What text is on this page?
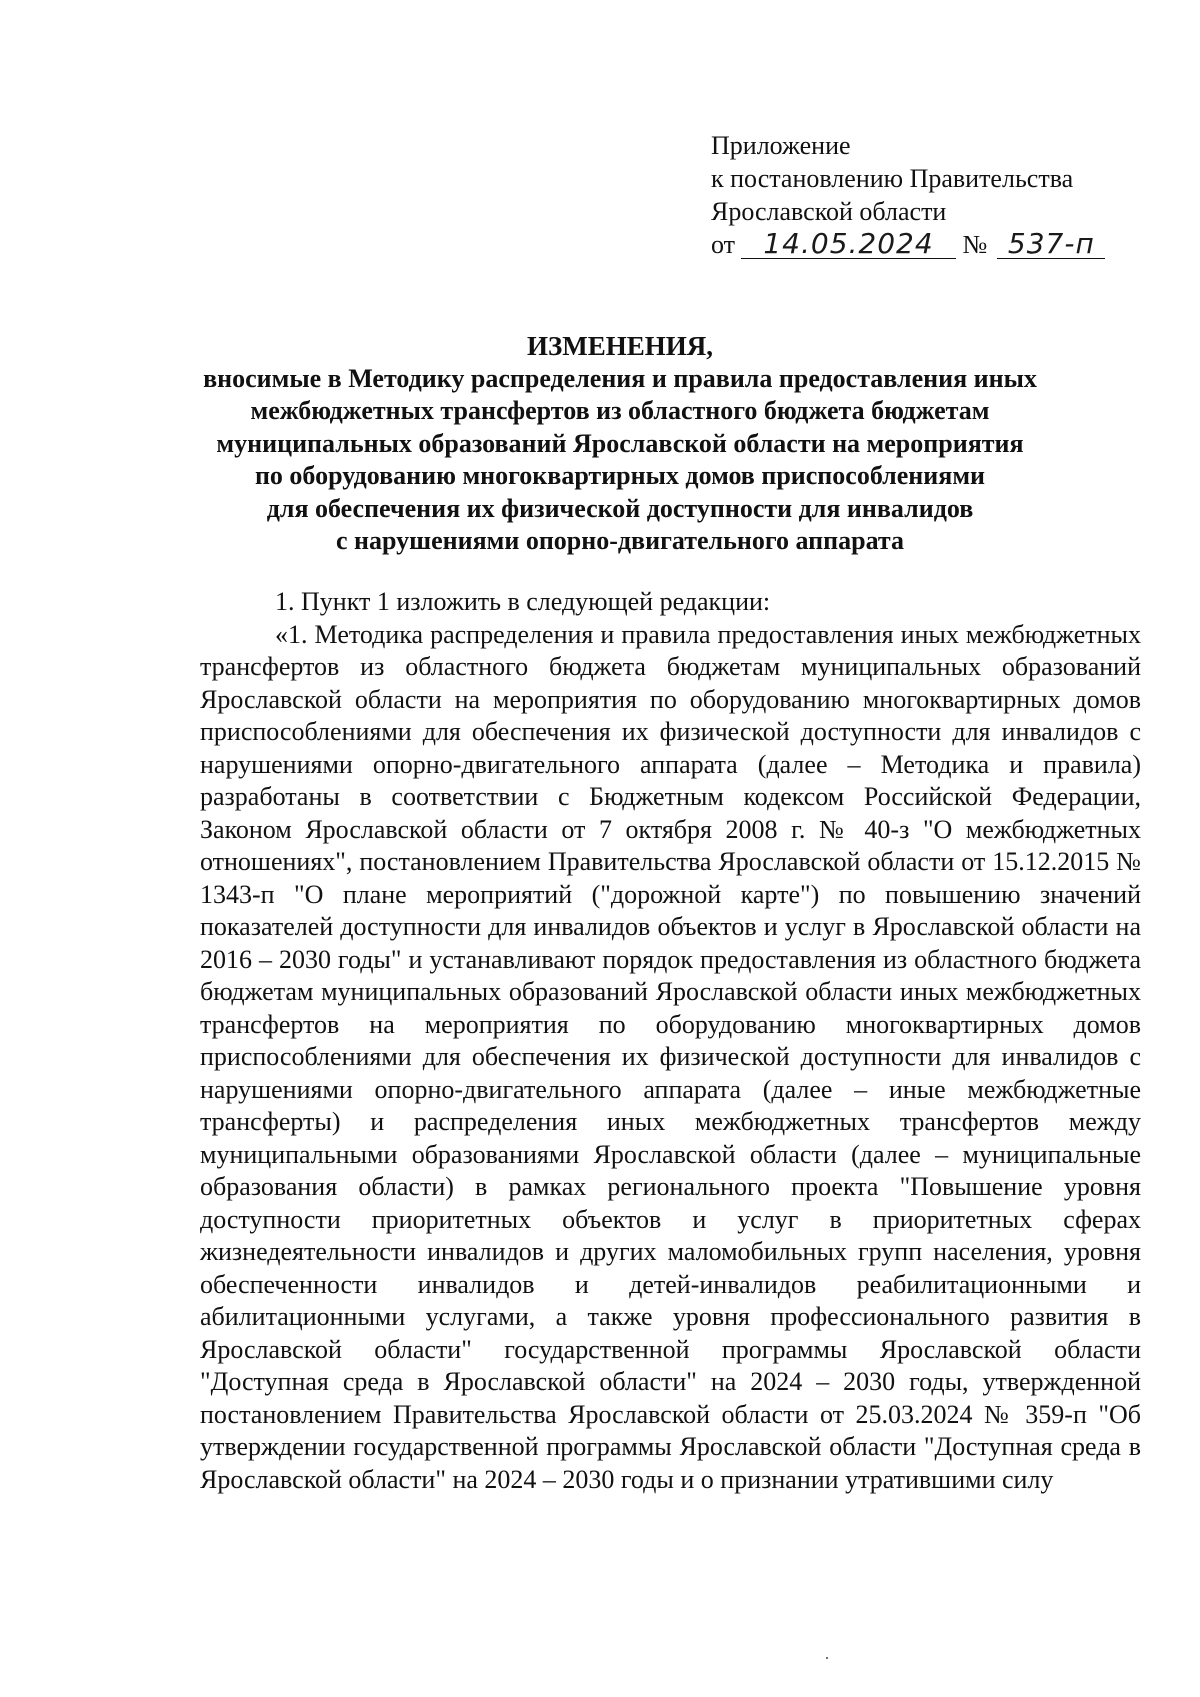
Приложение
к постановлению Правительства
Ярославской области
от 14.05.2024 № 537-п
ИЗМЕНЕНИЯ,
вносимые в Методику распределения и правила предоставления иных
межбюджетных трансфертов из областного бюджета бюджетам
муниципальных образований Ярославской области на мероприятия
по оборудованию многоквартирных домов приспособлениями
для обеспечения их физической доступности для инвалидов
с нарушениями опорно-двигательного аппарата

1. Пункт 1 изложить в следующей редакции:

«1. Методика распределения и правила предоставления иных межбюджетных трансфертов из областного бюджета бюджетам муниципальных образований Ярославской области на мероприятия по оборудованию многоквартирных домов приспособлениями для обеспечения их физической доступности для инвалидов с нарушениями опорно-двигательного аппарата (далее – Методика и правила) разработаны в соответствии с Бюджетным кодексом Российской Федерации, Законом Ярославской области от 7 октября 2008 г. № 40-з "О межбюджетных отношениях", постановлением Правительства Ярославской области от 15.12.2015 № 1343-п "О плане мероприятий ("дорожной карте") по повышению значений показателей доступности для инвалидов объектов и услуг в Ярославской области на 2016 – 2030 годы" и устанавливают порядок предоставления из областного бюджета бюджетам муниципальных образований Ярославской области иных межбюджетных трансфертов на мероприятия по оборудованию многоквартирных домов приспособлениями для обеспечения их физической доступности для инвалидов с нарушениями опорно-двигательного аппарата (далее – иные межбюджетные трансферты) и распределения иных межбюджетных трансфертов между муниципальными образованиями Ярославской области (далее – муниципальные образования области) в рамках регионального проекта "Повышение уровня доступности приоритетных объектов и услуг в приоритетных сферах жизнедеятельности инвалидов и других маломобильных групп населения, уровня обеспеченности инвалидов и детей-инвалидов реабилитационными и абилитационными услугами, а также уровня профессионального развития в Ярославской области" государственной программы Ярославской области "Доступная среда в Ярославской области" на 2024 – 2030 годы, утвержденной постановлением Правительства Ярославской области от 25.03.2024 № 359-п "Об утверждении государственной программы Ярославской области "Доступная среда в Ярославской области" на 2024 – 2030 годы и о признании утратившими силу
